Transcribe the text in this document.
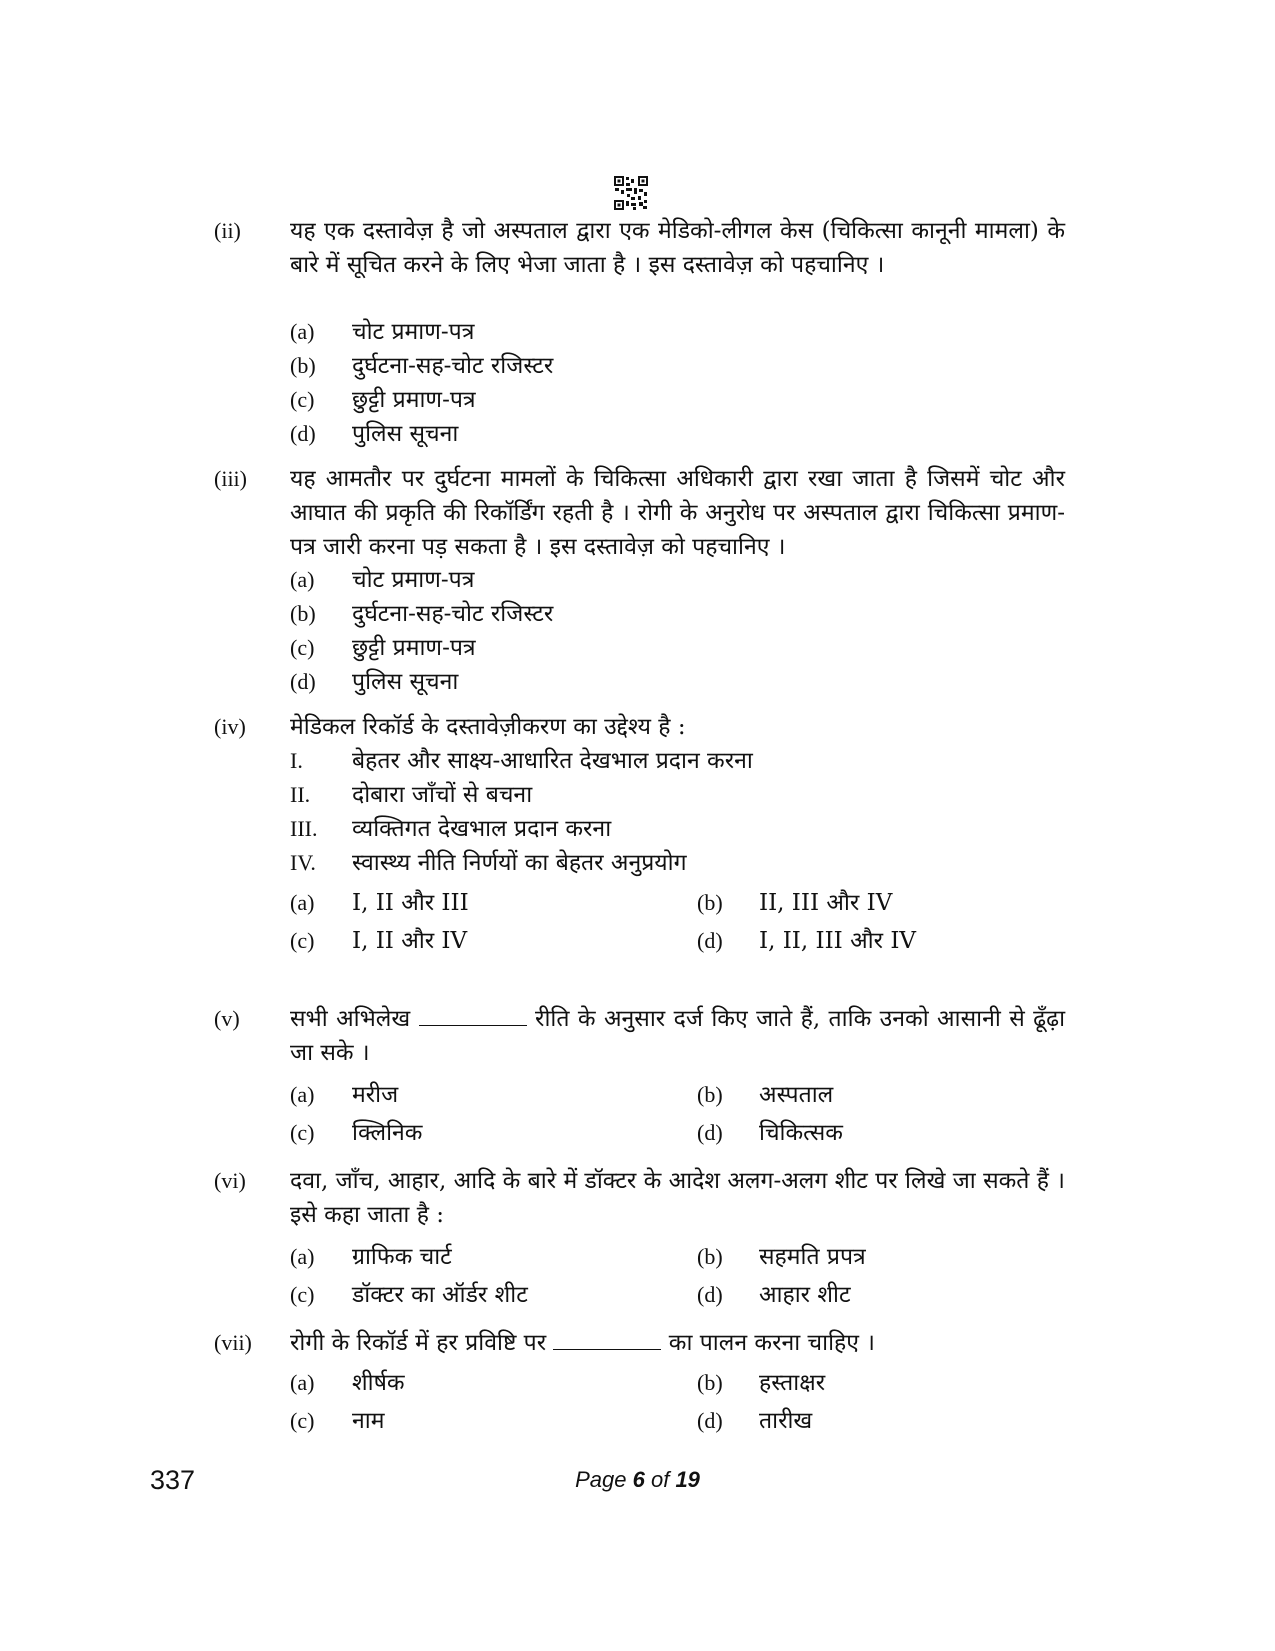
(ii) यह एक दस्तावेज़ है जो अस्पताल द्वारा एक मेडिको-लीगल केस (चिकित्सा कानूनी मामला) के बारे में सूचित करने के लिए भेजा जाता है । इस दस्तावेज़ को पहचानिए ।
(a) चोट प्रमाण-पत्र
(b) दुर्घटना-सह-चोट रजिस्टर
(c) छुट्टी प्रमाण-पत्र
(d) पुलिस सूचना
(iii) यह आमतौर पर दुर्घटना मामलों के चिकित्सा अधिकारी द्वारा रखा जाता है जिसमें चोट और आघात की प्रकृति की रिकॉर्डिंग रहती है । रोगी के अनुरोध पर अस्पताल द्वारा चिकित्सा प्रमाण-पत्र जारी करना पड़ सकता है । इस दस्तावेज़ को पहचानिए ।
(a) चोट प्रमाण-पत्र
(b) दुर्घटना-सह-चोट रजिस्टर
(c) छुट्टी प्रमाण-पत्र
(d) पुलिस सूचना
(iv) मेडिकल रिकॉर्ड के दस्तावेज़ीकरण का उद्देश्य है :
I. बेहतर और साक्ष्य-आधारित देखभाल प्रदान करना
II. दोबारा जाँचों से बचना
III. व्यक्तिगत देखभाल प्रदान करना
IV. स्वास्थ्य नीति निर्णयों का बेहतर अनुप्रयोग
(a) I, II और III	(b) II, III और IV
(c) I, II और IV	(d) I, II, III और IV
(v) सभी अभिलेख	रीति के अनुसार दर्ज किए जाते हैं, ताकि उनको आसानी से ढूँढ़ा जा सके ।
(a) मरीज	(b) अस्पताल
(c) क्लिनिक	(d) चिकित्सक
(vi) दवा, जाँच, आहार, आदि के बारे में डॉक्टर के आदेश अलग-अलग शीट पर लिखे जा सकते हैं । इसे कहा जाता है :
(a) ग्राफिक चार्ट	(b) सहमति प्रपत्र
(c) डॉक्टर का ऑर्डर शीट	(d) आहार शीट
(vii) रोगी के रिकॉर्ड में हर प्रविष्टि पर	का पालन करना चाहिए ।
(a) शीर्षक	(b) हस्ताक्षर
(c) नाम	(d) तारीख
337	Page 6 of 19
